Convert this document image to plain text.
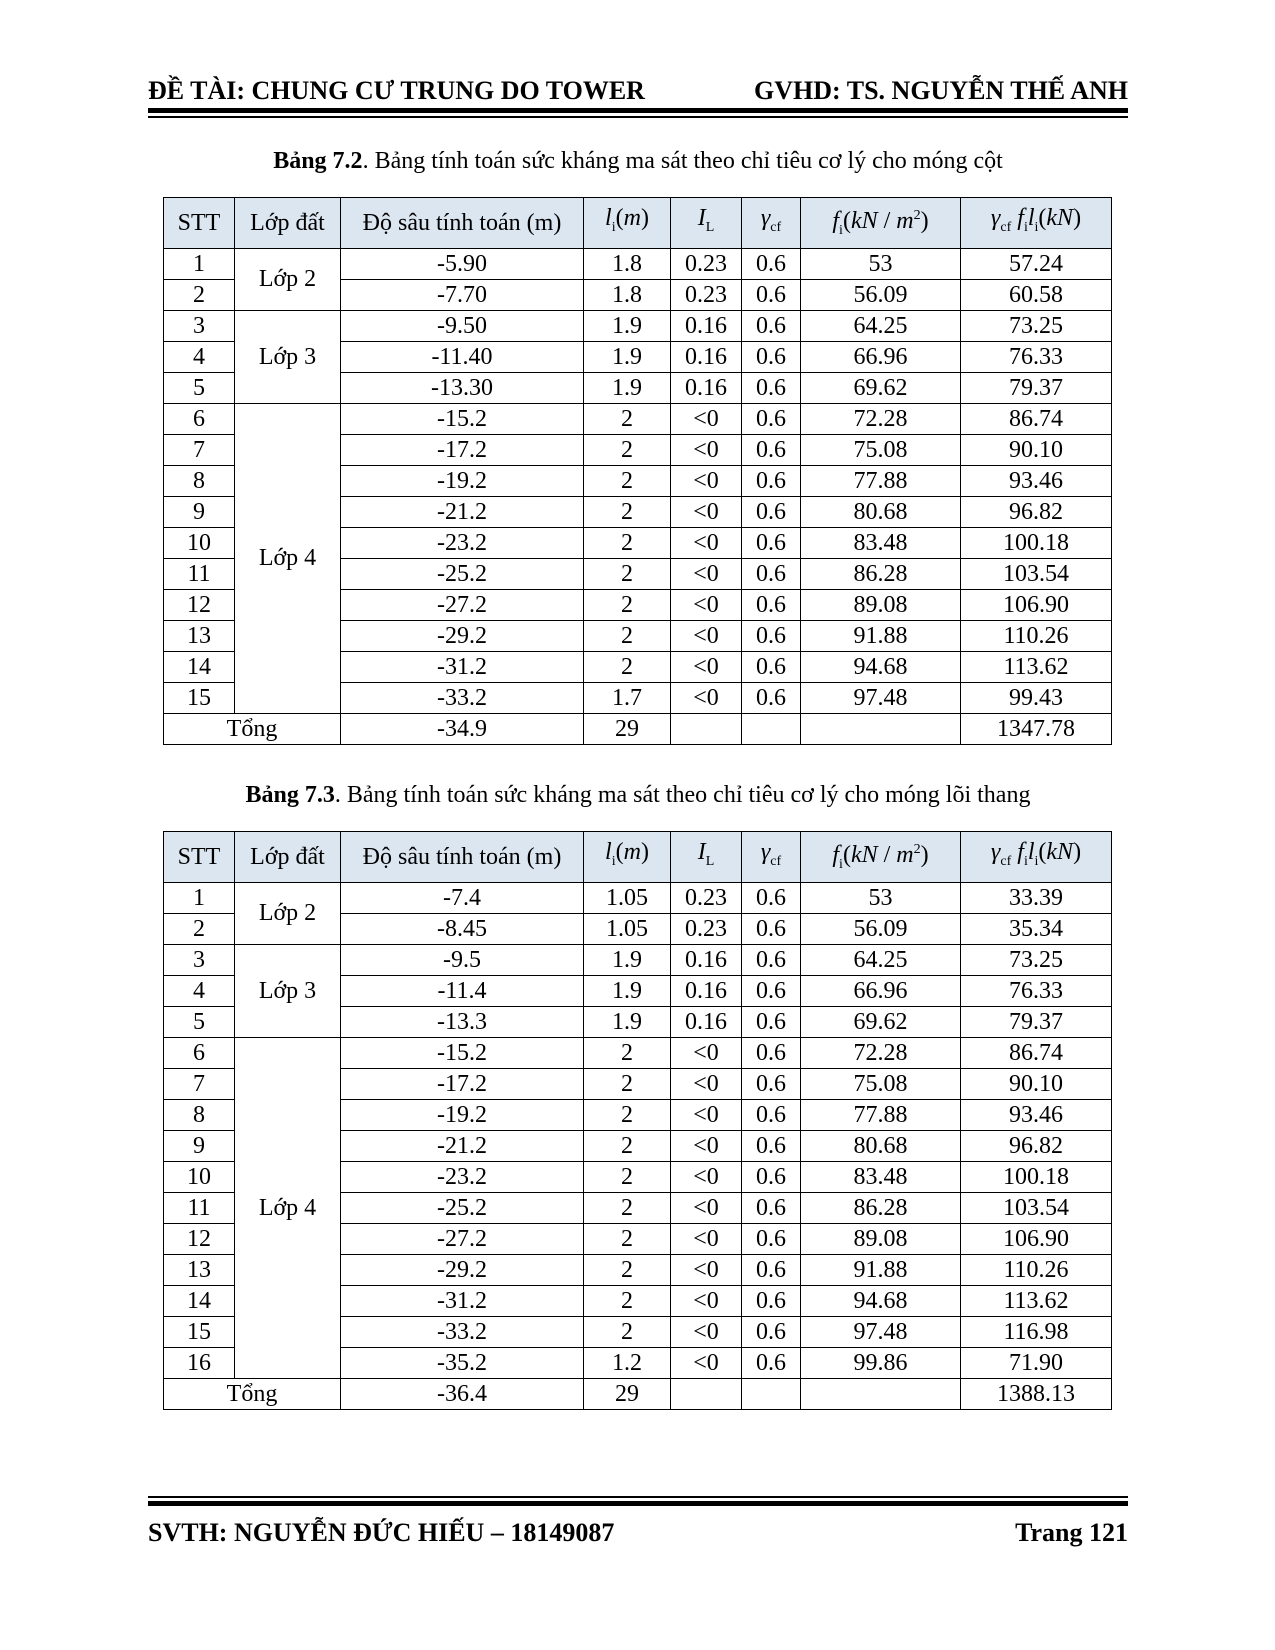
ĐỀ TÀI: CHUNG CƯ TRUNG DO TOWER	GVHD: TS. NGUYỄN THẾ ANH
Bảng 7.2. Bảng tính toán sức kháng ma sát theo chỉ tiêu cơ lý cho móng cột
STT	Lớp đất	Độ sâu tính toán (m)	$l_i(m)$	$I_L$	$\gamma_{cf}$	$f_i(kN / m^2)$	$\gamma_{cf}$ $f_il_i(kN)$
1	Lớp 2	-5.90	1.8	0.23	0.6	53	57.24
2		-7.70	1.8	0.23	0.6	56.09	60.58
3	Lớp 3	-9.50	1.9	0.16	0.6	64.25	73.25
4		-11.40	1.9	0.16	0.6	66.96	76.33
5		-13.30	1.9	0.16	0.6	69.62	79.37
6	Lớp 4	-15.2	2	<0	0.6	72.28	86.74
7		-17.2	2	<0	0.6	75.08	90.10
8		-19.2	2	<0	0.6	77.88	93.46
9		-21.2	2	<0	0.6	80.68	96.82
10		-23.2	2	<0	0.6	83.48	100.18
11		-25.2	2	<0	0.6	86.28	103.54
12		-27.2	2	<0	0.6	89.08	106.90
13		-29.2	2	<0	0.6	91.88	110.26
14		-31.2	2	<0	0.6	94.68	113.62
15		-33.2	1.7	<0	0.6	97.48	99.43
Tổng		-34.9	29				1347.78
Bảng 7.3. Bảng tính toán sức kháng ma sát theo chỉ tiêu cơ lý cho móng lõi thang
STT	Lớp đất	Độ sâu tính toán (m)	$l_i(m)$	$I_L$	$\gamma_{cf}$	$f_i(kN / m^2)$	$\gamma_{cf}$ $f_il_i(kN)$
1	Lớp 2	-7.4	1.05	0.23	0.6	53	33.39
2		-8.45	1.05	0.23	0.6	56.09	35.34
3	Lớp 3	-9.5	1.9	0.16	0.6	64.25	73.25
4		-11.4	1.9	0.16	0.6	66.96	76.33
5		-13.3	1.9	0.16	0.6	69.62	79.37
6	Lớp 4	-15.2	2	<0	0.6	72.28	86.74
7		-17.2	2	<0	0.6	75.08	90.10
8		-19.2	2	<0	0.6	77.88	93.46
9		-21.2	2	<0	0.6	80.68	96.82
10		-23.2	2	<0	0.6	83.48	100.18
11		-25.2	2	<0	0.6	86.28	103.54
12		-27.2	2	<0	0.6	89.08	106.90
13		-29.2	2	<0	0.6	91.88	110.26
14		-31.2	2	<0	0.6	94.68	113.62
15		-33.2	2	<0	0.6	97.48	116.98
16		-35.2	1.2	<0	0.6	99.86	71.90
Tổng		-36.4	29				1388.13
SVTH: NGUYỄN ĐỨC HIẾU – 18149087	Trang 121
